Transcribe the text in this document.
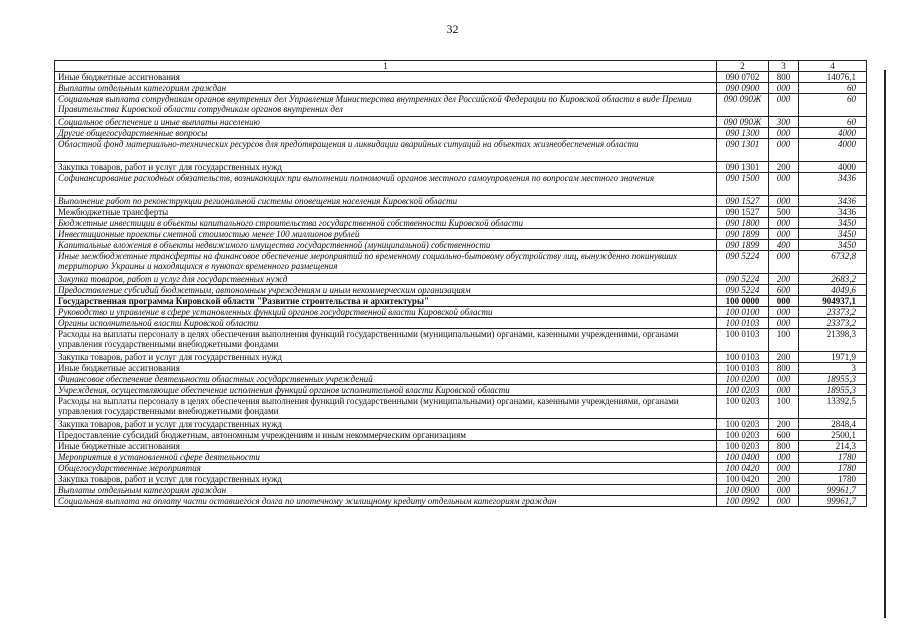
32
1	2	3	4
Иные бюджетные ассигнования	090 0702	800	14076,1
Выплаты отдельным категориям граждан	090 0900	000	60
Социальная выплата сотрудникам органов внутренних дел Управления Министерства внутренних дел Российской Федерации по Кировской области в виде Премии Правительства Кировской области сотрудникам органов внутренних дел	090 090Ж	000	60
Социальное обеспечение и иные выплаты населению	090 090Ж	300	60
Другие общегосударственные вопросы	090 1300	000	4000
Областной фонд материально-технических ресурсов для предотвращения и ликвидации аварийных ситуаций на объектах жизнеобеспечения области	090 1301	000	4000
Закупка товаров, работ и услуг для государственных нужд	090 1301	200	4000
Софинансирование расходных обязательств, возникающих при выполнении полномочий органов местного самоуправления по вопросам местного значения	090 1500	000	3436
Выполнение работ по реконструкции региональной системы оповещения населения Кировской области	090 1527	000	3436
Межбюджетные трансферты	090 1527	500	3436
Бюджетные инвестиции в объекты капитального строительства государственной собственности Кировской области	090 1800	000	3450
Инвестиционные проекты сметной стоимостью менее 100 миллионов рублей	090 1899	000	3450
Капитальные вложения в объекты недвижимого имущества государственной (муниципальной) собственности	090 1899	400	3450
Иные межбюджетные трансферты на финансовое обеспечение мероприятий по временному социально-бытовому обустройству лиц, вынужденно покинувших территорию Украины и находящихся в пунктах временного размещения	090 5224	000	6732,8
Закупка товаров, работ и услуг для государственных нужд	090 5224	200	2683,2
Предоставление субсидий бюджетным, автономным учреждениям и иным некоммерческим организациям	090 5224	600	4049,6
Государственная программа Кировской области "Развитие строительства и архитектуры"	100 0000	000	904937,1
Руководство и управление в сфере установленных функций органов государственной власти Кировской области	100 0100	000	23373,2
Органы исполнительной власти Кировской области	100 0103	000	23373,2
Расходы на выплаты персоналу в целях обеспечения выполнения функций государственными (муниципальными) органами, казенными учреждениями, органами управления государственными внебюджетными фондами	100 0103	100	21398,3
Закупка товаров, работ и услуг для государственных нужд	100 0103	200	1971,9
Иные бюджетные ассигнования	100 0103	800	3
Финансовое обеспечение деятельности областных государственных учреждений	100 0200	000	18955,3
Учреждения, осуществляющие обеспечение исполнения функций органов исполнительной власти Кировской области	100 0203	000	18955,3
Расходы на выплаты персоналу в целях обеспечения выполнения функций государственными (муниципальными) органами, казенными учреждениями, органами управления государственными внебюджетными фондами	100 0203	100	13392,5
Закупка товаров, работ и услуг для государственных нужд	100 0203	200	2848,4
Предоставление субсидий бюджетным, автономным учреждениям и иным некоммерческим организациям	100 0203	600	2500,1
Иные бюджетные ассигнования	100 0203	800	214,3
Мероприятия в установленной сфере деятельности	100 0400	000	1780
Общегосударственные мероприятия	100 0420	000	1780
Закупка товаров, работ и услуг для государственных нужд	100 0420	200	1780
Выплаты отдельным категориям граждан	100 0900	000	99961,7
Социальная выплата на оплату части оставшегося долга по ипотечному жилищному кредиту отдельным категориям граждан	100 0992	000	99961,7
